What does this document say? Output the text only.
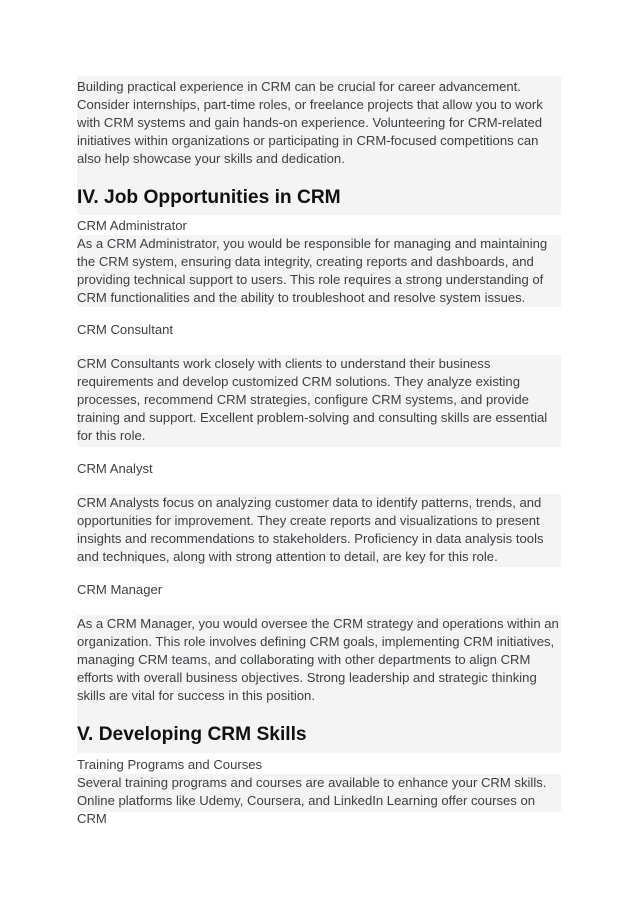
Building practical experience in CRM can be crucial for career advancement. Consider internships, part-time roles, or freelance projects that allow you to work with CRM systems and gain hands-on experience. Volunteering for CRM-related initiatives within organizations or participating in CRM-focused competitions can also help showcase your skills and dedication.

IV. Job Opportunities in CRM

CRM Administrator

As a CRM Administrator, you would be responsible for managing and maintaining the CRM system, ensuring data integrity, creating reports and dashboards, and providing technical support to users. This role requires a strong understanding of CRM functionalities and the ability to troubleshoot and resolve system issues.

CRM Consultant

CRM Consultants work closely with clients to understand their business requirements and develop customized CRM solutions. They analyze existing processes, recommend CRM strategies, configure CRM systems, and provide training and support. Excellent problem-solving and consulting skills are essential for this role.

CRM Analyst

CRM Analysts focus on analyzing customer data to identify patterns, trends, and opportunities for improvement. They create reports and visualizations to present insights and recommendations to stakeholders. Proficiency in data analysis tools and techniques, along with strong attention to detail, are key for this role.

CRM Manager

As a CRM Manager, you would oversee the CRM strategy and operations within an organization. This role involves defining CRM goals, implementing CRM initiatives, managing CRM teams, and collaborating with other departments to align CRM efforts with overall business objectives. Strong leadership and strategic thinking skills are vital for success in this position.

V. Developing CRM Skills

Training Programs and Courses

Several training programs and courses are available to enhance your CRM skills. Online platforms like Udemy, Coursera, and LinkedIn Learning offer courses on CRM
